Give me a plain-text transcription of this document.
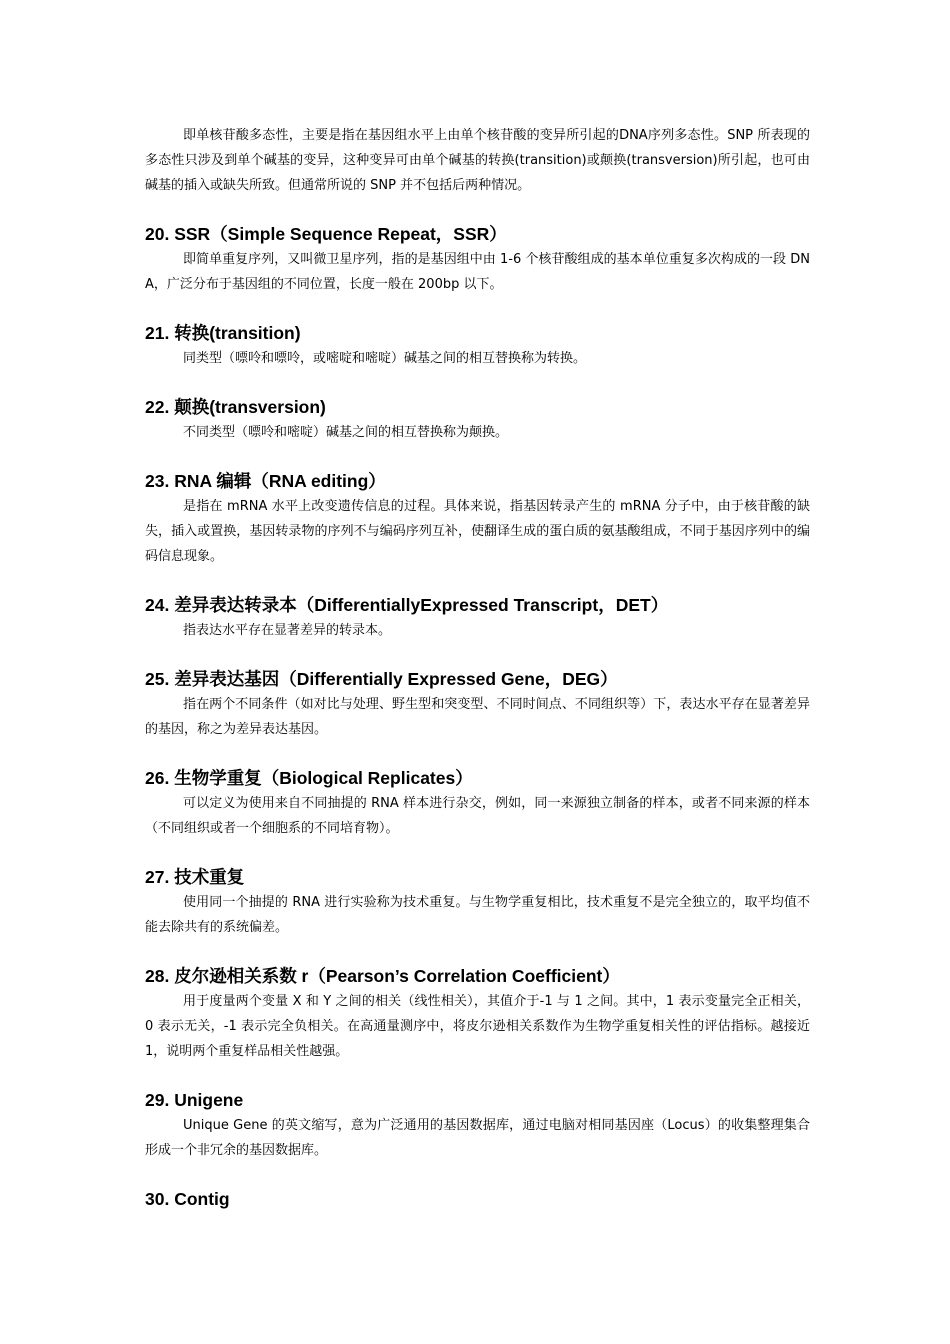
即单核苷酸多态性，主要是指在基因组水平上由单个核苷酸的变异所引起的DNA序列多态性。SNP 所表现的多态性只涉及到单个碱基的变异，这种变异可由单个碱基的转换(transition)或颠换(transversion)所引起，也可由碱基的插入或缺失所致。但通常所说的 SNP 并不包括后两种情况。

20. SSR（Simple Sequence Repeat，SSR）

即简单重复序列，又叫微卫星序列，指的是基因组中由 1-6 个核苷酸组成的基本单位重复多次构成的一段 DNA，广泛分布于基因组的不同位置，长度一般在 200bp 以下。

21. 转换(transition)

同类型（嘌呤和嘌呤，或嘧啶和嘧啶）碱基之间的相互替换称为转换。

22. 颠换(transversion)

不同类型（嘌呤和嘧啶）碱基之间的相互替换称为颠换。

23. RNA 编辑（RNA editing）

是指在 mRNA 水平上改变遗传信息的过程。具体来说，指基因转录产生的 mRNA 分子中，由于核苷酸的缺失，插入或置换，基因转录物的序列不与编码序列互补，使翻译生成的蛋白质的氨基酸组成，不同于基因序列中的编码信息现象。

24. 差异表达转录本（DifferentiallyExpressed Transcript，DET）

指表达水平存在显著差异的转录本。

25. 差异表达基因（Differentially Expressed Gene，DEG）

指在两个不同条件（如对比与处理、野生型和突变型、不同时间点、不同组织等）下，表达水平存在显著差异的基因，称之为差异表达基因。

26. 生物学重复（Biological Replicates）

可以定义为使用来自不同抽提的 RNA 样本进行杂交，例如，同一来源独立制备的样本，或者不同来源的样本（不同组织或者一个细胞系的不同培育物）。

27. 技术重复

使用同一个抽提的 RNA 进行实验称为技术重复。与生物学重复相比，技术重复不是完全独立的，取平均值不能去除共有的系统偏差。

28. 皮尔逊相关系数 r（Pearson’s Correlation Coefficient）

用于度量两个变量 X 和 Y 之间的相关（线性相关），其值介于-1 与 1 之间。其中，1 表示变量完全正相关，0 表示无关，-1 表示完全负相关。在高通量测序中，将皮尔逊相关系数作为生物学重复相关性的评估指标。越接近 1，说明两个重复样品相关性越强。

29. Unigene

Unique Gene 的英文缩写，意为广泛通用的基因数据库，通过电脑对相同基因座（Locus）的收集整理集合形成一个非冗余的基因数据库。

30. Contig
